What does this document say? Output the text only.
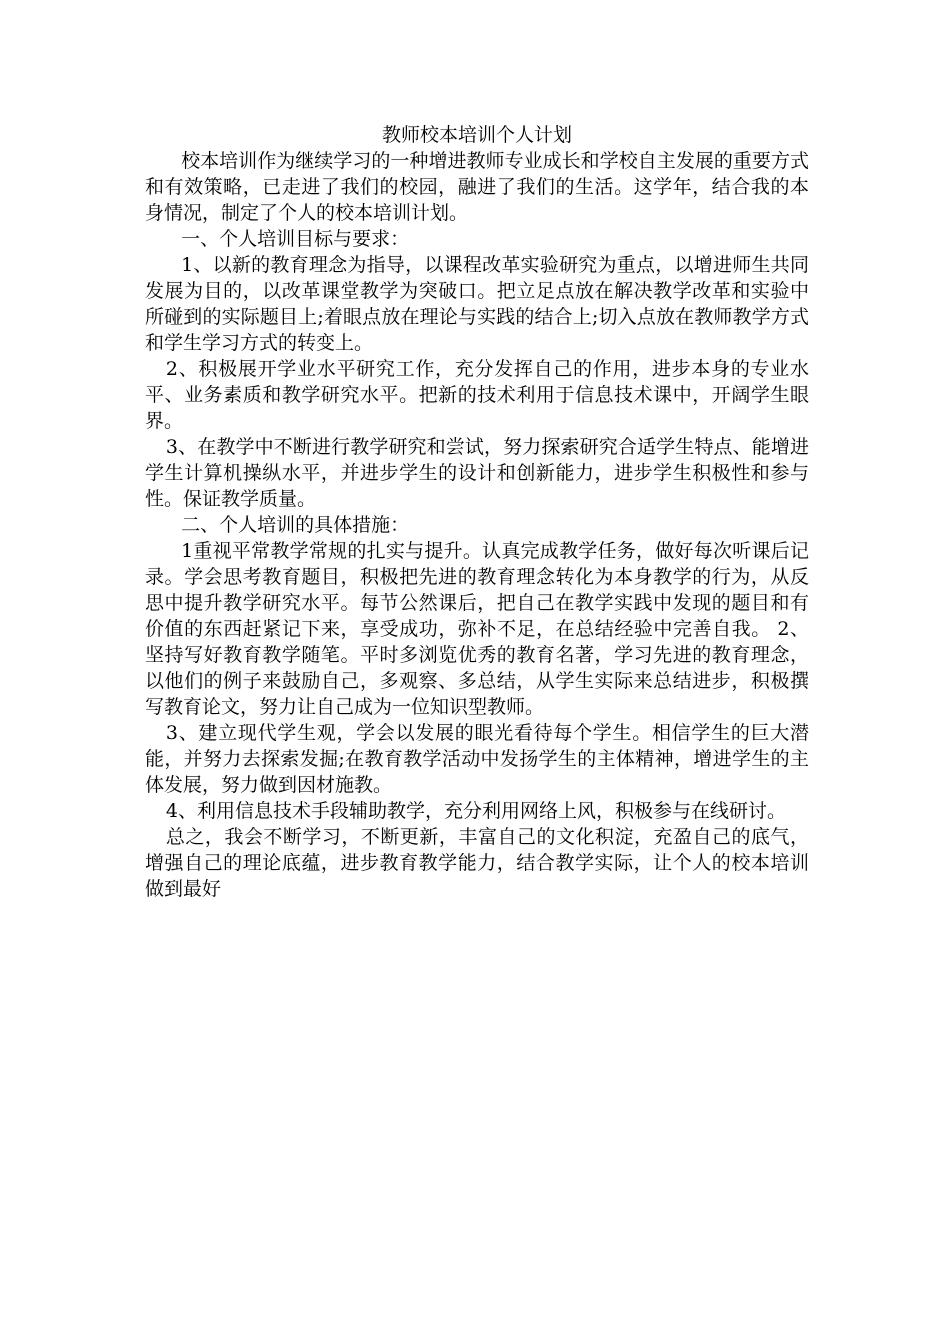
教师校本培训个人计划

校本培训作为继续学习的一种增进教师专业成长和学校自主发展的重要方式和有效策略，已走进了我们的校园，融进了我们的生活。这学年，结合我的本身情况，制定了个人的校本培训计划。

一、个人培训目标与要求：

1、以新的教育理念为指导，以课程改革实验研究为重点，以增进师生共同发展为目的，以改革课堂教学为突破口。把立足点放在解决教学改革和实验中所碰到的实际题目上;着眼点放在理论与实践的结合上;切入点放在教师教学方式和学生学习方式的转变上。

2、积极展开学业水平研究工作，充分发挥自己的作用，进步本身的专业水平、业务素质和教学研究水平。把新的技术利用于信息技术课中，开阔学生眼界。

3、在教学中不断进行教学研究和尝试，努力探索研究合适学生特点、能增进学生计算机操纵水平，并进步学生的设计和创新能力，进步学生积极性和参与性。保证教学质量。

二、个人培训的具体措施：

1重视平常教学常规的扎实与提升。认真完成教学任务，做好每次听课后记录。学会思考教育题目，积极把先进的教育理念转化为本身教学的行为，从反思中提升教学研究水平。每节公然课后，把自己在教学实践中发现的题目和有价值的东西赶紧记下来，享受成功，弥补不足，在总结经验中完善自我。 2、坚持写好教育教学随笔。平时多浏览优秀的教育名著，学习先进的教育理念，以他们的例子来鼓励自己，多观察、多总结，从学生实际来总结进步，积极撰写教育论文，努力让自己成为一位知识型教师。

3、建立现代学生观，学会以发展的眼光看待每个学生。相信学生的巨大潜能，并努力去探索发掘;在教育教学活动中发扬学生的主体精神，增进学生的主体发展，努力做到因材施教。

4、利用信息技术手段辅助教学，充分利用网络上风，积极参与在线研讨。

总之，我会不断学习，不断更新，丰富自己的文化积淀，充盈自己的底气，增强自己的理论底蕴，进步教育教学能力，结合教学实际，让个人的校本培训做到最好
